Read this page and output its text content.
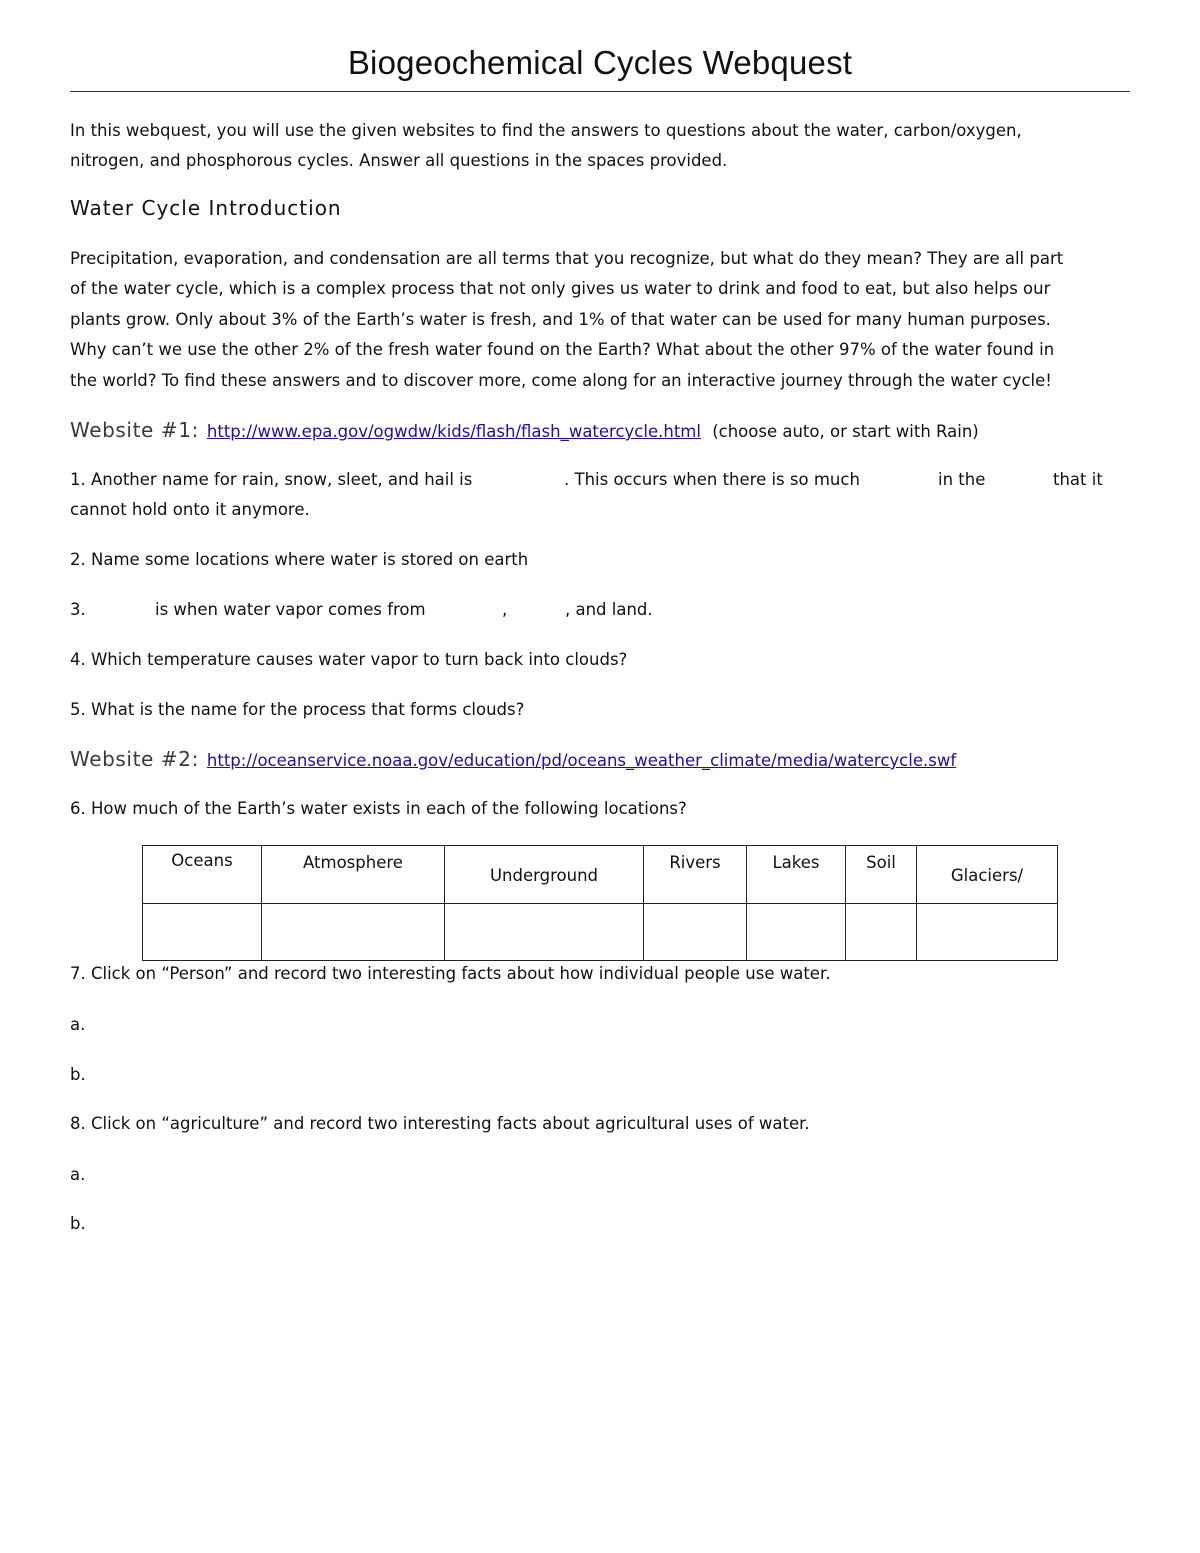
Biogeochemical Cycles Webquest
In this webquest, you will use the given websites to find the answers to questions about the water, carbon/oxygen,
nitrogen, and phosphorous cycles. Answer all questions in the spaces provided.
Water Cycle Introduction
Precipitation, evaporation, and condensation are all terms that you recognize, but what do they mean? They are all part
of the water cycle, which is a complex process that not only gives us water to drink and food to eat, but also helps our
plants grow. Only about 3% of the Earth’s water is fresh, and 1% of that water can be used for many human purposes.
Why can’t we use the other 2% of the fresh water found on the Earth? What about the other 97% of the water found in
the world? To find these answers and to discover more, come along for an interactive journey through the water cycle!
Website #1: http://www.epa.gov/ogwdw/kids/flash/flash_watercycle.html (choose auto, or start with Rain)
1. Another name for rain, snow, sleet, and hail is	. This occurs when there is so much	in the	that it
cannot hold onto it anymore.
2. Name some locations where water is stored on earth
3.	is when water vapor comes from	,	, and land.
4. Which temperature causes water vapor to turn back into clouds?
5. What is the name for the process that forms clouds?
Website #2: http://oceanservice.noaa.gov/education/pd/oceans_weather_climate/media/watercycle.swf
6. How much of the Earth’s water exists in each of the following locations?
Oceans	Atmosphere	Underground	Rivers	Lakes	Soil	Glaciers/

7. Click on “Person” and record two interesting facts about how individual people use water.
a.
b.
8. Click on “agriculture” and record two interesting facts about agricultural uses of water.
a.
b.
